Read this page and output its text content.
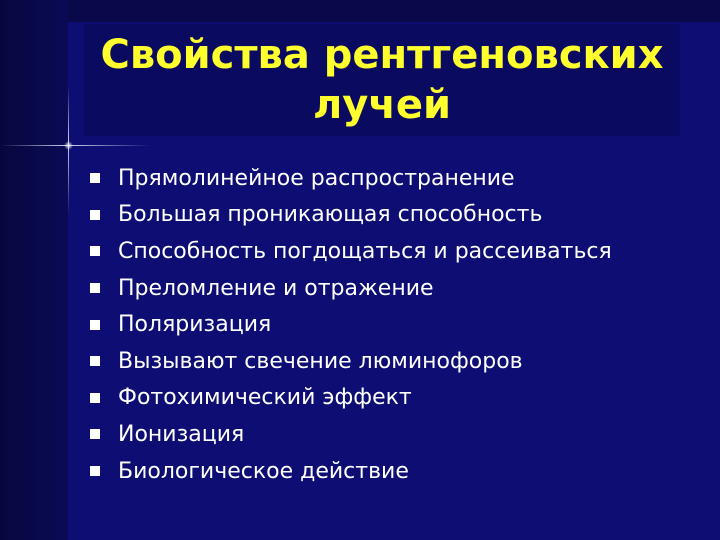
Свойства рентгеновских
лучей
Прямолинейное распространение
Большая проникающая способность
Способность погдощаться и рассеиваться
Преломление и отражение
Поляризация
Вызывают свечение люминофоров
Фотохимический эффект
Ионизация
Биологическое действие
